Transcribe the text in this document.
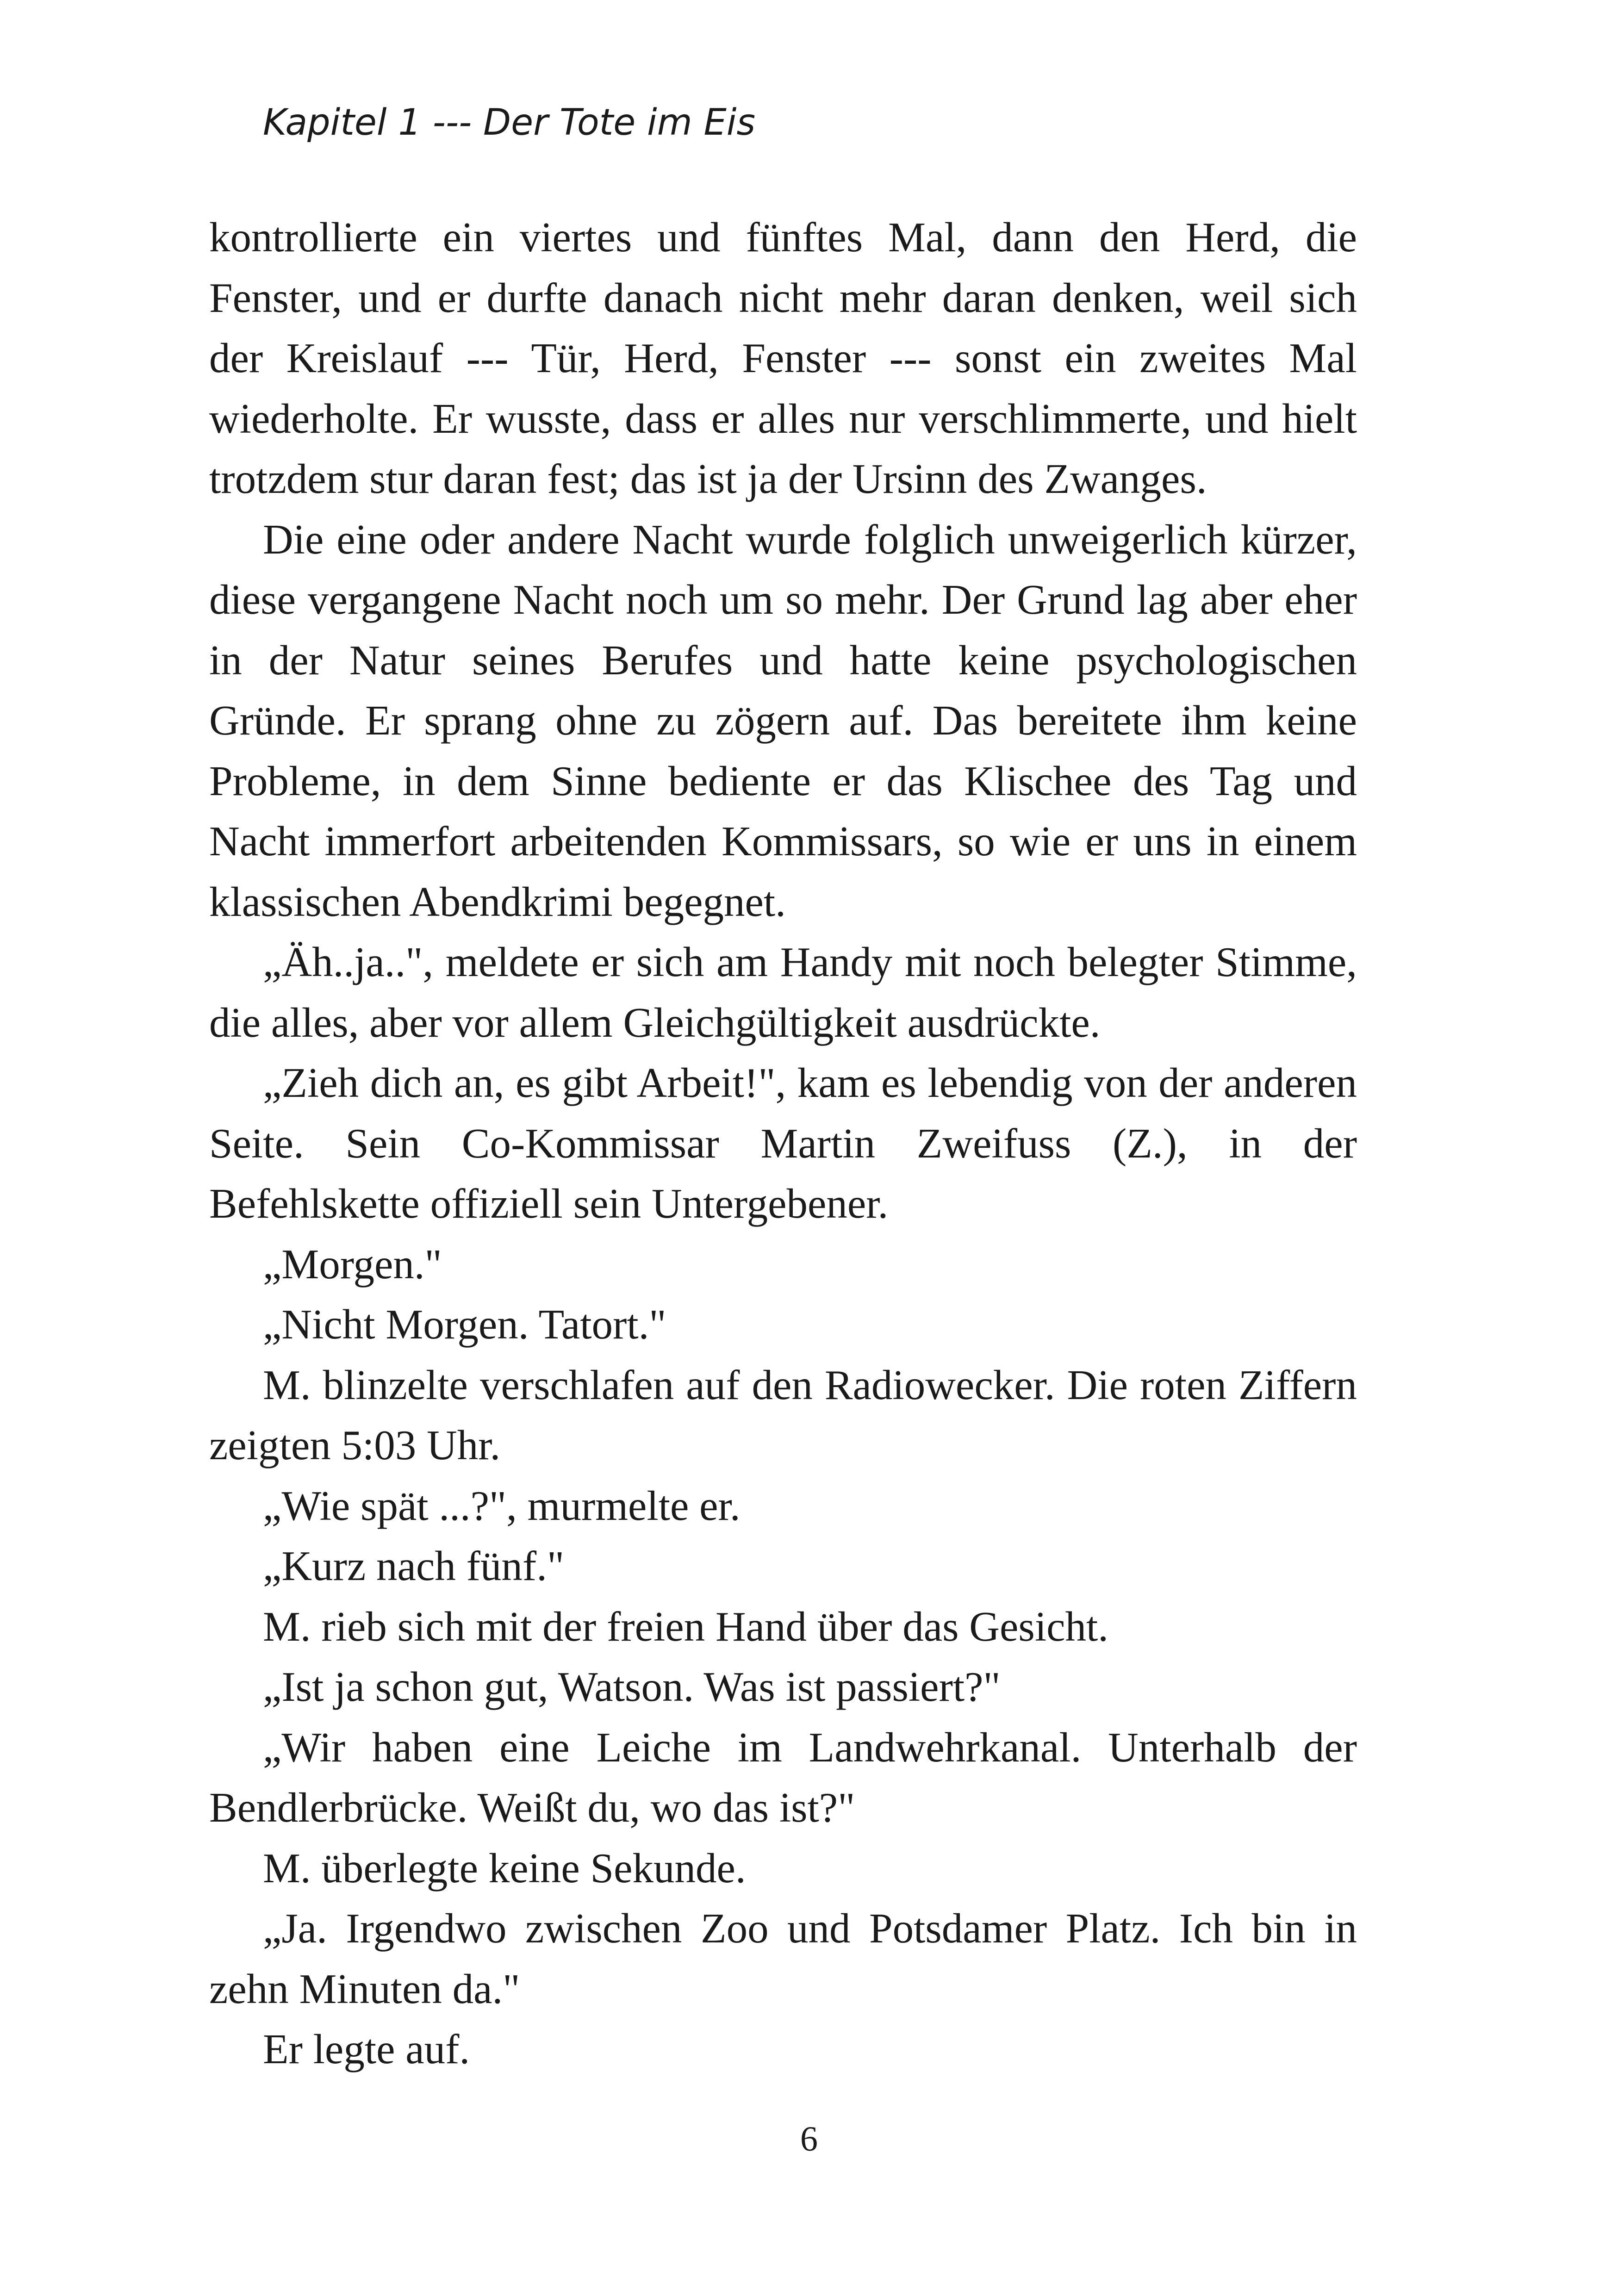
Kapitel 1 --- Der Tote im Eis

kontrollierte ein viertes und fünftes Mal, dann den Herd, die Fenster, und er durfte danach nicht mehr daran denken, weil sich der Kreislauf --- Tür, Herd, Fenster --- sonst ein zweites Mal wiederholte. Er wusste, dass er alles nur verschlimmerte, und hielt trotzdem stur daran fest; das ist ja der Ursinn des Zwanges.

Die eine oder andere Nacht wurde folglich unweigerlich kürzer, diese vergangene Nacht noch um so mehr. Der Grund lag aber eher in der Natur seines Berufes und hatte keine psychologischen Gründe. Er sprang ohne zu zögern auf. Das bereitete ihm keine Probleme, in dem Sinne bediente er das Klischee des Tag und Nacht immerfort arbeitenden Kommissars, so wie er uns in einem klassischen Abendkrimi begegnet.

„Äh..ja..", meldete er sich am Handy mit noch belegter Stimme, die alles, aber vor allem Gleichgültigkeit ausdrückte.

„Zieh dich an, es gibt Arbeit!", kam es lebendig von der anderen Seite. Sein Co-Kommissar Martin Zweifuss (Z.), in der Befehlskette offiziell sein Untergebener.

„Morgen."

„Nicht Morgen. Tatort."

M. blinzelte verschlafen auf den Radiowecker. Die roten Ziffern zeigten 5:03 Uhr.

„Wie spät ...?", murmelte er.

„Kurz nach fünf."

M. rieb sich mit der freien Hand über das Gesicht.

„Ist ja schon gut, Watson. Was ist passiert?"

„Wir haben eine Leiche im Landwehrkanal. Unterhalb der Bendlerbrücke. Weißt du, wo das ist?"

M. überlegte keine Sekunde.

„Ja. Irgendwo zwischen Zoo und Potsdamer Platz. Ich bin in zehn Minuten da."

Er legte auf.

6
